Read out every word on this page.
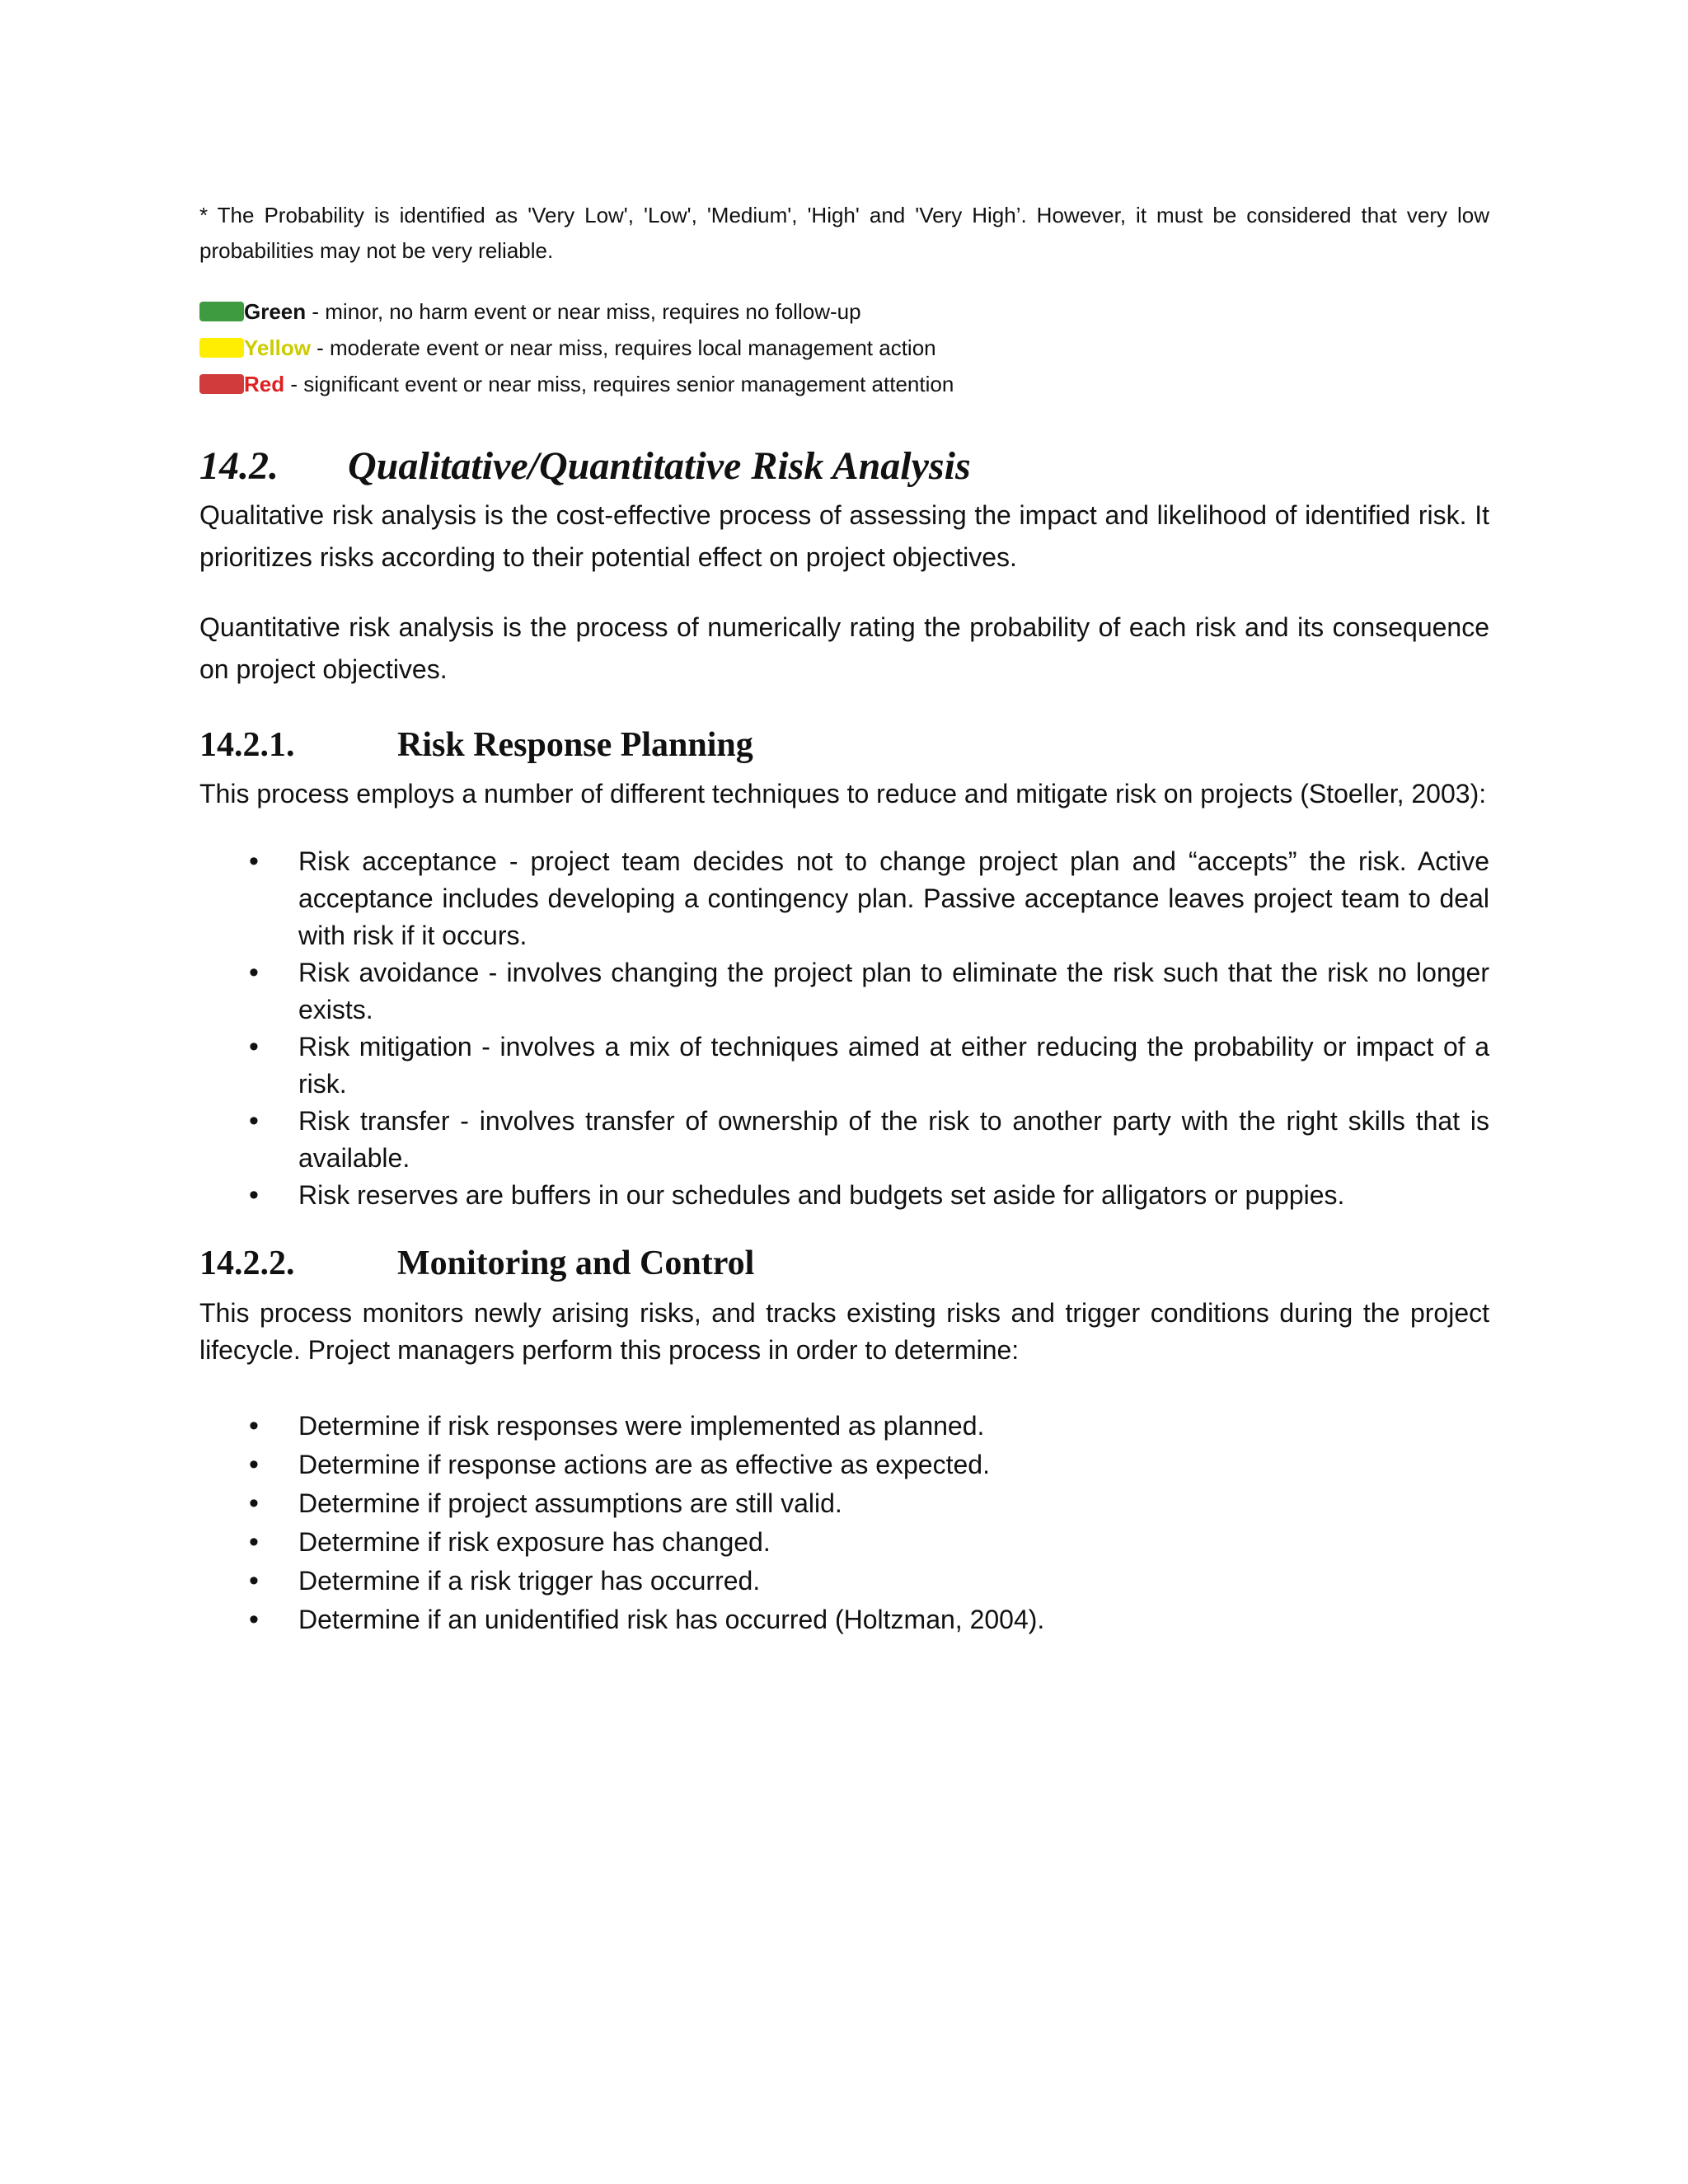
* The Probability is identified as 'Very Low', 'Low', 'Medium', 'High' and 'Very High’. However, it must be considered that very low probabilities may not be very reliable.

Green - minor, no harm event or near miss, requires no follow-up
Yellow - moderate event or near miss, requires local management action
Red - significant event or near miss, requires senior management attention
14.2.	Qualitative/Quantitative Risk Analysis

Qualitative risk analysis is the cost-effective process of assessing the impact and likelihood of identified risk. It prioritizes risks according to their potential effect on project objectives.

Quantitative risk analysis is the process of numerically rating the probability of each risk and its consequence on project objectives.

14.2.1.	Risk Response Planning

This process employs a number of different techniques to reduce and mitigate risk on projects (Stoeller, 2003):

• Risk acceptance - project team decides not to change project plan and “accepts” the risk. Active acceptance includes developing a contingency plan. Passive acceptance leaves project team to deal with risk if it occurs.
• Risk avoidance - involves changing the project plan to eliminate the risk such that the risk no longer exists.
• Risk mitigation - involves a mix of techniques aimed at either reducing the probability or impact of a risk.
• Risk transfer - involves transfer of ownership of the risk to another party with the right skills that is available.
• Risk reserves are buffers in our schedules and budgets set aside for alligators or puppies.
14.2.2.	Monitoring and Control

This process monitors newly arising risks, and tracks existing risks and trigger conditions during the project lifecycle. Project managers perform this process in order to determine:

• Determine if risk responses were implemented as planned.
• Determine if response actions are as effective as expected.
• Determine if project assumptions are still valid.
• Determine if risk exposure has changed.
• Determine if a risk trigger has occurred.
• Determine if an unidentified risk has occurred (Holtzman, 2004).
